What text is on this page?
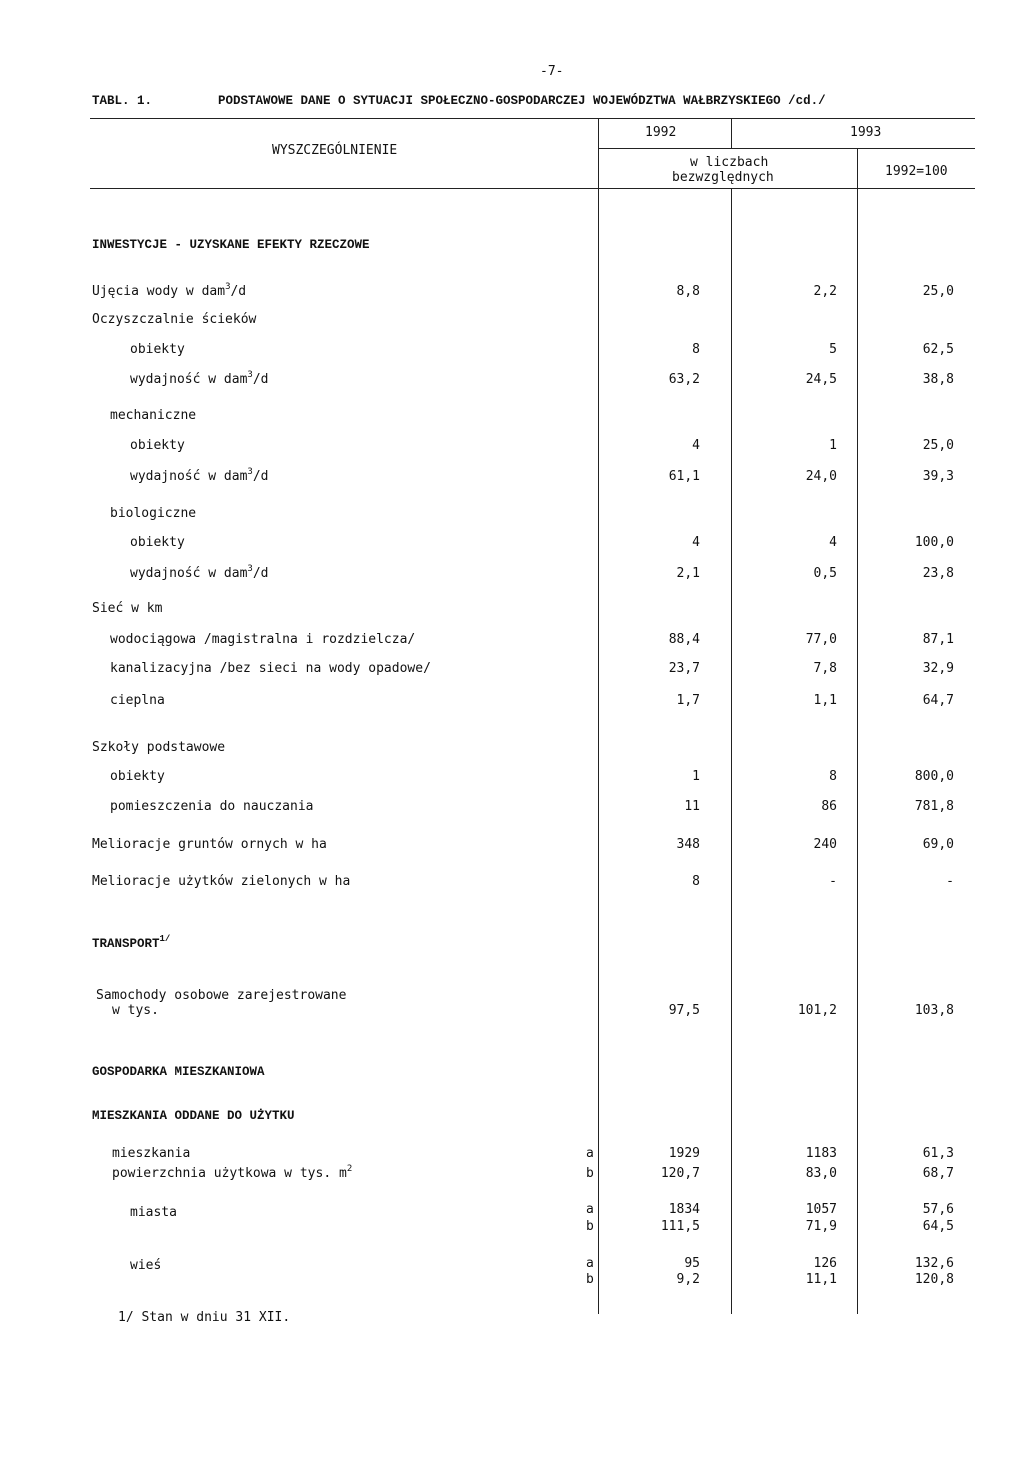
-7-
TABL. 1.	PODSTAWOWE DANE O SYTUACJI SPOŁECZNO-GOSPODARCZEJ WOJEWÓDZTWA WAŁBRZYSKIEGO /cd./
WYSZCZEGÓLNIENIE
1992	1993
w liczbach
bezwzględnych	1992=100
INWESTYCJE - UZYSKANE EFEKTY RZECZOWE
Ujęcia wody w dam$^3$/d	8,8	2,2	25,0
Oczyszczalnie ścieków
obiekty	8	5	62,5
wydajność w dam$^3$/d	63,2	24,5	38,8
mechaniczne
obiekty	4	1	25,0
wydajność w dam$^3$/d	61,1	24,0	39,3
biologiczne
obiekty	4	4	100,0
wydajność w dam$^3$/d	2,1	0,5	23,8
Sieć w km
wodociągowa /magistralna i rozdzielcza/	88,4	77,0	87,1
kanalizacyjna /bez sieci na wody opadowe/	23,7	7,8	32,9
cieplna	1,7	1,1	64,7
Szkoły podstawowe
obiekty	1	8	800,0
pomieszczenia do nauczania	11	86	781,8
Melioracje gruntów ornych w ha	348	240	69,0
Melioracje użytków zielonych w ha	8	-	-
$TRANSPORT^{1/}$
Samochody osobowe zarejestrowane
w tys.	97,5	101,2	103,8
GOSPODARKA MIESZKANIOWA
MIESZKANIA ODDANE DO UŻYTKU
mieszkania	a	1929	1183	61,3
powierzchnia użytkowa w tys. $m^2$	b	120,7	83,0	68,7
miasta	a	1834	1057	57,6
b	111,5	71,9	64,5
wieś	a	95	126	132,6
b	9,2	11,1	120,8
1/ Stan w dniu 31 XII.
